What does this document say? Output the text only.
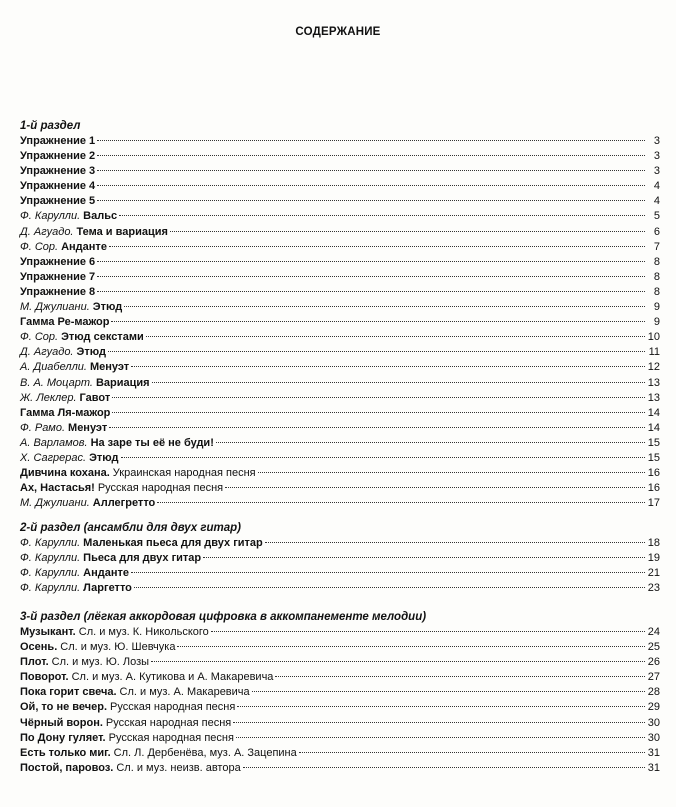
СОДЕРЖАНИЕ
1-й раздел
Упражнение 1	3
Упражнение 2	3
Упражнение 3	3
Упражнение 4	4
Упражнение 5	4
Ф. Карулли. Вальс	5
Д. Агуадо. Тема и вариация	6
Ф. Сор. Анданте	7
Упражнение 6	8
Упражнение 7	8
Упражнение 8	8
М. Джулиани. Этюд	9
Гамма Ре-мажор	9
Ф. Сор. Этюд секстами	10
Д. Агуадо. Этюд	11
А. Диабелли. Менуэт	12
В. А. Моцарт. Вариация	13
Ж. Леклер. Гавот	13
Гамма Ля-мажор	14
Ф. Рамо. Менуэт	14
А. Варламов. На заре ты её не буди!	15
Х. Сагрерас. Этюд	15
Дивчина кохана. Украинская народная песня	16
Ах, Настасья! Русская народная песня	16
М. Джулиани. Аллегретто	17
2-й раздел (ансамбли для двух гитар)
Ф. Карулли. Маленькая пьеса для двух гитар	18
Ф. Карулли. Пьеса для двух гитар	19
Ф. Карулли. Анданте	21
Ф. Карулли. Ларгетто	23
3-й раздел (лёгкая аккордовая цифровка в аккомпанементе мелодии)
Музыкант. Сл. и муз. К. Никольского	24
Осень. Сл. и муз. Ю. Шевчука	25
Плот. Сл. и муз. Ю. Лозы	26
Поворот. Сл. и муз. А. Кутикова и А. Макаревича	27
Пока горит свеча. Сл. и муз. А. Макаревича	28
Ой, то не вечер. Русская народная песня	29
Чёрный ворон. Русская народная песня	30
По Дону гуляет. Русская народная песня	30
Есть только миг. Сл. Л. Дербенёва, муз. А. Зацепина	31
Постой, паровоз. Сл. и муз. неизв. автора	31
